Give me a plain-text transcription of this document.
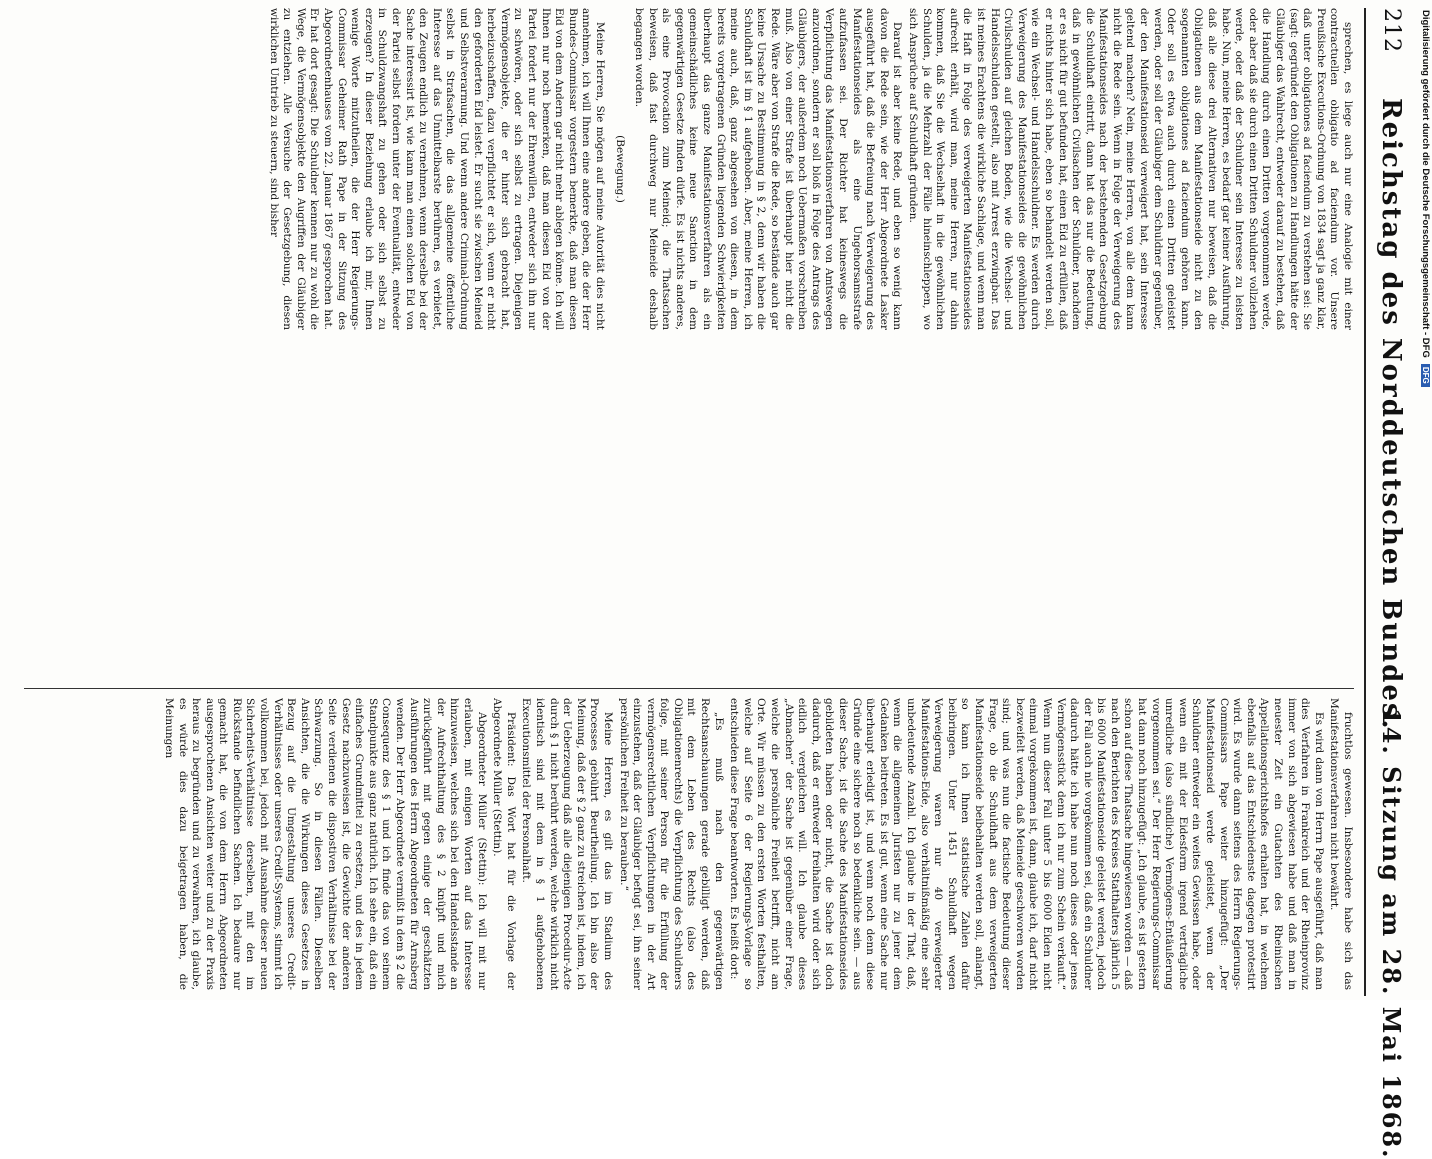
212
Reichstag des Norddeutschen Bundes.
14. Sitzung am 28. Mai 1868.

sprechen, es liege auch nur eine Analogie mit einer contractuellen obligatio ad faciendum vor. Unsere Preußische Executions-Ordnung von 1834 sagt ja ganz klar, daß unter obligationes ad faciendum zu verstehen sei: Sie (sagt: gegründet den Obligationen zu Handlungen hätte der Gläubiger das Wahlrecht, entweder darauf zu bestehen, daß die Handlung durch einen Dritten vorgenommen werde, oder aber daß sie durch einen Dritten Schuldner vollziehen werde, oder daß der Schuldner sein Interesse zu leisten habe. Nun, meine Herren, es bedarf gar keiner Ausführung, daß alle diese drei Alternativen nur beweisen, daß die Obligationen aus dem Manifestationseide nicht zu den sogenannten obligationes ad faciendum gehören kann. Oder soll es etwa auch durch einen Dritten geleistet werden, oder soll der Gläubiger dem Schuldner gegenüber, der den Manifestationseid verweigert hat, sein Interesse geltend machen? Nein, meine Herren, von alle dem kann nicht die Rede sein. Wenn in Folge der Verweigerung des Manifestationseides nach der bestehenden Gesetzgebung die Schuldhaft eintritt, dann hat das nur die Bedeutung, daß in gewöhnlichen Civilsachen der Schuldner, nachdem er es nicht für gut befunden hat, einen Eid zu erfüllen, daß er nichts hinter sich habe, eben so behandelt werden soll, wie ein Wechsel- und Handelsschuldner. Es werden durch Verweigerung des Manifestationseides die gewöhnlichen Civilschulden auf gleichen Boden, wie die Wechsel- und Handelsschulden gestellt, also mit Arrest erzwingbar. Das ist meines Erachtens die wirkliche Sachlage, und wenn man die Haft in Folge des verweigerten Manifestationseides aufrecht erhält, wird man, meine Herren, nur dahin kommen, daß Sie die Wechselhaft in die gewöhnlichen Schulden, ja die Mehrzahl der Fälle hineinschleppen, wo sich Ansprüche auf Schuldhaft gründen.

Darauf ist aber keine Rede, und eben so wenig kann davon die Rede sein, wie der Herr Abgeordnete Lasker ausgeführt hat, daß die Befreiung nach Verweigerung des Manifestationseides als eine Ungehorsamsstrafe aufzufassen sei. Der Richter hat keineswegs die Verpflichtung das Manifestationsverfahren von Amtswegen anzuordnen, sondern er soll bloß in Folge des Antrags des Gläubigers, der außerdem noch Uebermaßen vorschreiben muß. Also von einer Strafe ist überhaupt hier nicht die Rede. Wäre aber von Strafe die Rede, so bestände auch gar keine Ursache zu Bestimmung in § 2, denn wir haben die Schuldhaft ist im § 1 aufgehoben. Aber, meine Herren, ich meine auch, daß, ganz abgesehen von diesen, in dem bereits vorgetragenen Gründen liegenden Schwierigkeiten überhaupt das ganze Manifestationsverfahren als ein gemeinschädliches keine neue Sanction in dem gegenwärtigen Gesetze finden dürfe. Es ist nichts anderes, als eine Provocation zum Meineid; die Thatsachen beweisen, daß fast durchweg nur Meineide deshalb begangen worden.

(Bewegung.)

Meine Herren, Sie mögen auf meine Autorität dies nicht annehmen, ich will Ihnen eine andere geben, die der Herr Bundes-Commissar vorgestern bemerkte, daß man diesen Eid von dem Andern gar nicht mehr ablegen könne. Ich will Ihnen nur noch bemerken, daß man diesen Eid von der Partei fordert nur der Ehrenwillen, entweder sich ihn nur zu schwören, oder sich selbst zu ertragen. Diejenigen Vermögensobjekte, die er hinter sich gebracht hat, herbeizuschaffen, dazu verpflichtet er sich, wenn er nicht den geforderten Eid leistet. Er sucht sie zwischen Meineid und Selbstverarmung. Und wenn andere Criminal-Ordnung selbst in Strafsachen, die das allgemeine öffentliche Interesse auf das Unmittelbarste berühren, es verbietet, den Zeugen endlich zu vernehmen, wenn derselbe bei der Sache interessirt ist, wie kann man einen solchen Eid von der Partei selbst fordern unter der Eventualität, entweder in Schuldzwangshaft zu gehen oder sich selbst zu erzeugen? In dieser Beziehung erlaube ich mir, Ihnen wenige Worte mitzutheilen, die der Herr Regierungs-Commissar Geheimer Rath Pape in der Sitzung des Abgeordnetenhauses vom 22. Januar 1867 gesprochen hat. Er hat dort gesagt: Die Schuldner kennen nur zu wohl die Wege, die Vermögensobjekte den Augriffen der Gläubiger zu entziehen. Alle Versuche der Gesetzgebung, diesen wirklichen Umtrieb zu steuern, sind bisher

fruchtlos gewesen. Insbesondere habe sich das Manifestationsverfahren nicht bewährt.

Es wird dann von Herrn Pape ausgeführt, daß man dies Verfahren in Frankreich und der Rheinprovinz immer von sich abgewiesen habe und daß man in neuester Zeit ein Gutachten des Rheinischen Appellationsgerichtshofes erhalten hat, in welchem ebenfalls auf das Entschiedenste dagegen protestirt wird. Es wurde dann seitens des Herrn Regierungs-Commissars Pape weiter hinzugefügt: „Der Manifestationseid werde geleistet, wenn der Schuldner entweder ein weites Gewissen habe, oder wenn ein mit der Eidesform irgend verträgliche unredliche (also sündliche) Vermögens-Entäußerung vorgenommen sei.“ Der Herr Regierungs-Commissar hat dann noch hinzugefügt: „Ich glaube, es ist gestern schon auf diese Thatsache hingewiesen worden — daß nach den Berichten des Kreises Statthalters jährlich 5 bis 6000 Manifestationseide geleistet werden, jedoch der Fall auch nie vorgekommen sei, daß ein Schuldner dadurch hätte ich habe nun noch dieses oder jenes Vermögensstück denn ich nur zum Schein verkauft.“ Wenn nun dieser Fall unter 5 bis 6000 Eiden nicht einmal vorgekommen ist, dann, glaube ich, darf nicht bezweifelt werden, daß Meineide geschworen worden sind; und was nun die factische Bedeutung dieser Frage, ob die Schuldhaft aus dem verweigerten Manifestationseide beibehalten werden soll, anlangt, so kann ich Ihnen statistische Zahlen dafür beibringen. Unter 1451 Schuldhaft wegen Verweigerung waren nur 40 verweigerter Manifestations-Eide, also verhältnißmäßig eine sehr unbedeutende Anzahl. Ich glaube in der That, daß, wenn die allgemeinen Juristen nur zu jener dem Gedanken beitreten. Es ist gut, wenn eine Sache nur überhaupt erledigt ist, und wenn noch denn diese Gründe eine sichere noch so bedenkliche sein. — aus dieser Sache, ist die Sache des Manifestationseides gebildeten haben oder nicht, die Sache ist doch dadurch, daß er entweder freihalten wird oder sich eidlich vergleichen will. Ich glaube dieses „Abmachen“ der Sache ist gegenüber einer Frage, welche die persönliche Freiheit betrifft, nicht am Orte. Wir müssen zu den ersten Worten festhalten, welche auf Seite 6 der Regierungs-Vorlage so entschieden diese Frage beantworten. Es heißt dort:

„Es muß nach den gegenwärtigen Rechtsanschauungen gerade gebilligt werden, daß mit dem Leben des Rechts (also des Obligationenrechts) die Verpflichtung des Schuldners folge, mit seiner Person für die Erfüllung der vermögensrechtlichen Verpflichtungen in der Art einzustehen, daß der Gläubiger befugt sei, ihn seiner persönlichen Freiheit zu berauben.“

Meine Herren, es gilt das im Stadium des Processes gebührt Beurtheilung. Ich bin also der Meinung, daß der § 2 ganz zu streichen ist, indem, ich der Ueberzeugung daß alle diejenigen Procedur-Acte durch § 1 nicht berührt werden, welche wirklich nicht identisch sind mit dem in § 1 aufgehobenen Executionsmittel der Personalhaft.

Präsident: Das Wort hat für die Vorlage der Abgeordnete Müller (Stettin).

Abgeordneter Müller (Stettin): Ich will mit nur erlauben, mit einigen Worten auf das Interesse hinzuweisen, welches sich bei den Handelsstande an der Aufrechthaltung des § 2 knüpft und mich zurückgeführt mit gegen einige der geschätzten Ausführungen des Herrn Abgeordneten für Arnsberg wenden. Der Herr Abgeordnete vermißt in dem § 2 die Consequenz des § 1 und ich finde das von seinem Standpunkte aus ganz natürlich. Ich sehe ein, daß ein einfaches Grundmittel zu ersetzen, und des in jedem Gesetz nachzuweisen ist, die Gewichte der anderen Seite verdienen die dispostiven Verhältnisse bei der Schwarzung. So in diesen Fällen. Dieselben Ansichten, die die Wirkungen dieses Gesetzes in Bezug auf die Umgestaltung unseres Credit-Verhältnisses oder unseres Credit-Systems, stimmt ich vollkommen bei, jedoch mit Ausnahme dieser neuen Sicherheits-Verhältnisse derselben, mit den im Rückstande befindlichen Sachen. Ich bedaure nur gemacht hat, die von dem Herrn Abgeordneten ausgesprochenen Ansichten weiter und zu der Praxis heraus zu begründen und zu verwahren, ich glaube, es würde dies dazu beigetragen haben, die Meinungen

Digitalisierung gefördert durch die Deutsche Forschungsgemeinschaft - DFGDFG
